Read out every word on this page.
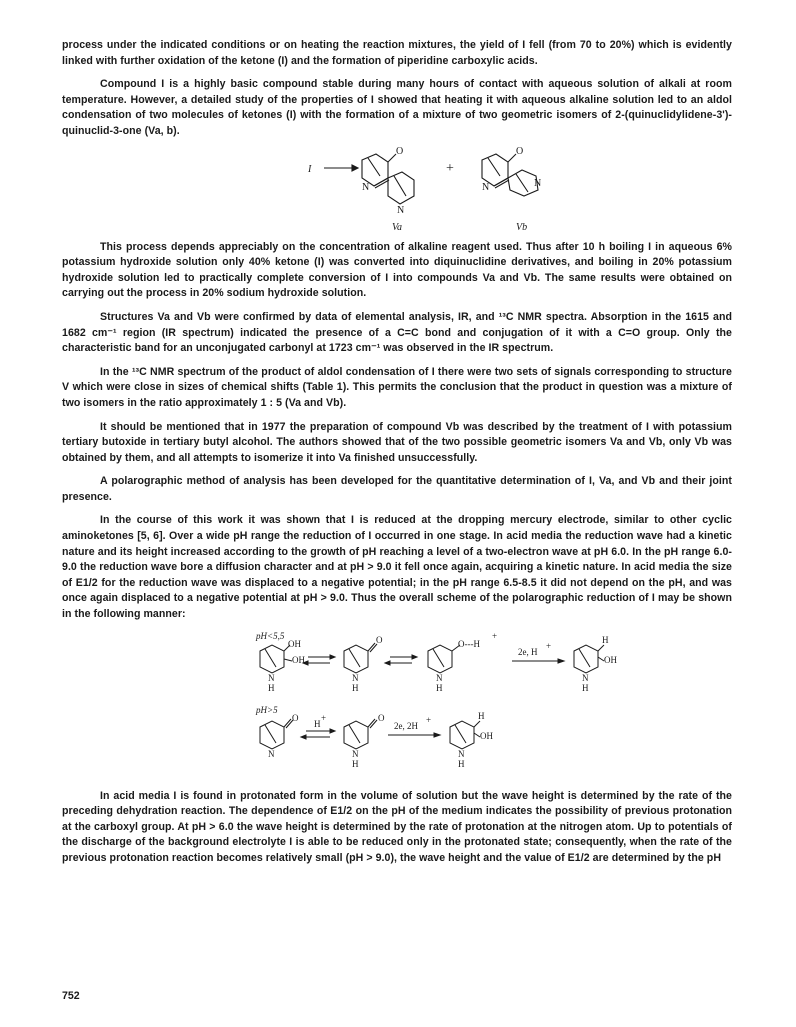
process under the indicated conditions or on heating the reaction mixtures, the yield of I fell (from 70 to 20%) which is evidently linked with further oxidation of the ketone (I) and the formation of piperidine carboxylic acids.

Compound I is a highly basic compound stable during many hours of contact with aqueous solution of alkali at room temperature. However, a detailed study of the properties of I showed that heating it with aqueous alkaline solution led to an aldol condensation of two molecules of ketones (I) with the formation of a mixture of two geometric isomers of 2-(quinuclidylidene-3')-quinuclid-3-one (Va, b).

I
O
N
N
+
O
N	N
Va	Vb

This process depends appreciably on the concentration of alkaline reagent used. Thus after 10 h boiling I in aqueous 6% potassium hydroxide solution only 40% ketone (I) was converted into diquinuclidine derivatives, and boiling in 20% potassium hydroxide solution led to practically complete conversion of I into compounds Va and Vb. The same results were obtained on carrying out the process in 20% sodium hydroxide solution.

Structures Va and Vb were confirmed by data of elemental analysis, IR, and ¹³C NMR spectra. Absorption in the 1615 and 1682 cm⁻¹ region (IR spectrum) indicated the presence of a C=C bond and conjugation of it with a C=O group. Only the characteristic band for an unconjugated carbonyl at 1723 cm⁻¹ was observed in the IR spectrum.

In the ¹³C NMR spectrum of the product of aldol condensation of I there were two sets of signals corresponding to structure V which were close in sizes of chemical shifts (Table 1). This permits the conclusion that the product in question was a mixture of two isomers in the ratio approximately 1 : 5 (Va and Vb).

It should be mentioned that in 1977 the preparation of compound Vb was described by the treatment of I with potassium tertiary butoxide in tertiary butyl alcohol. The authors showed that of the two possible geometric isomers Va and Vb, only Vb was obtained by them, and all attempts to isomerize it into Va finished unsuccessfully.

A polarographic method of analysis has been developed for the quantitative determination of I, Va, and Vb and their joint presence.

In the course of this work it was shown that I is reduced at the dropping mercury electrode, similar to other cyclic aminoketones [5, 6]. Over a wide pH range the reduction of I occurred in one stage. In acid media the reduction wave had a kinetic nature and its height increased according to the growth of pH reaching a level of a two-electron wave at pH 6.0. In the pH range 6.0-9.0 the reduction wave bore a diffusion character and at pH > 9.0 it fell once again, acquiring a kinetic nature. In acid media the size of E1/2 for the reduction wave was displaced to a negative potential; in the pH range 6.5-8.5 it did not depend on the pH, and was once again displaced to a negative potential at pH > 9.0. Thus the overall scheme of the polarographic reduction of I may be shown in the following manner:

pH<5,5
OH
OH
N
H
O
N
H
O---H
+
N
H
2e, H
+
H
OH
N
H
pH>5
O
N
H
+	O
N
H
2e, 2H
+	H
OH
N
H

In acid media I is found in protonated form in the volume of solution but the wave height is determined by the rate of the preceding dehydration reaction. The dependence of E1/2 on the pH of the medium indicates the possibility of previous protonation at the carboxyl group. At pH > 6.0 the wave height is determined by the rate of protonation at the nitrogen atom. Up to potentials of the discharge of the background electrolyte I is able to be reduced only in the protonated state; consequently, when the rate of the previous protonation reaction becomes relatively small (pH > 9.0), the wave height and the value of E1/2 are determined by the pH

752
